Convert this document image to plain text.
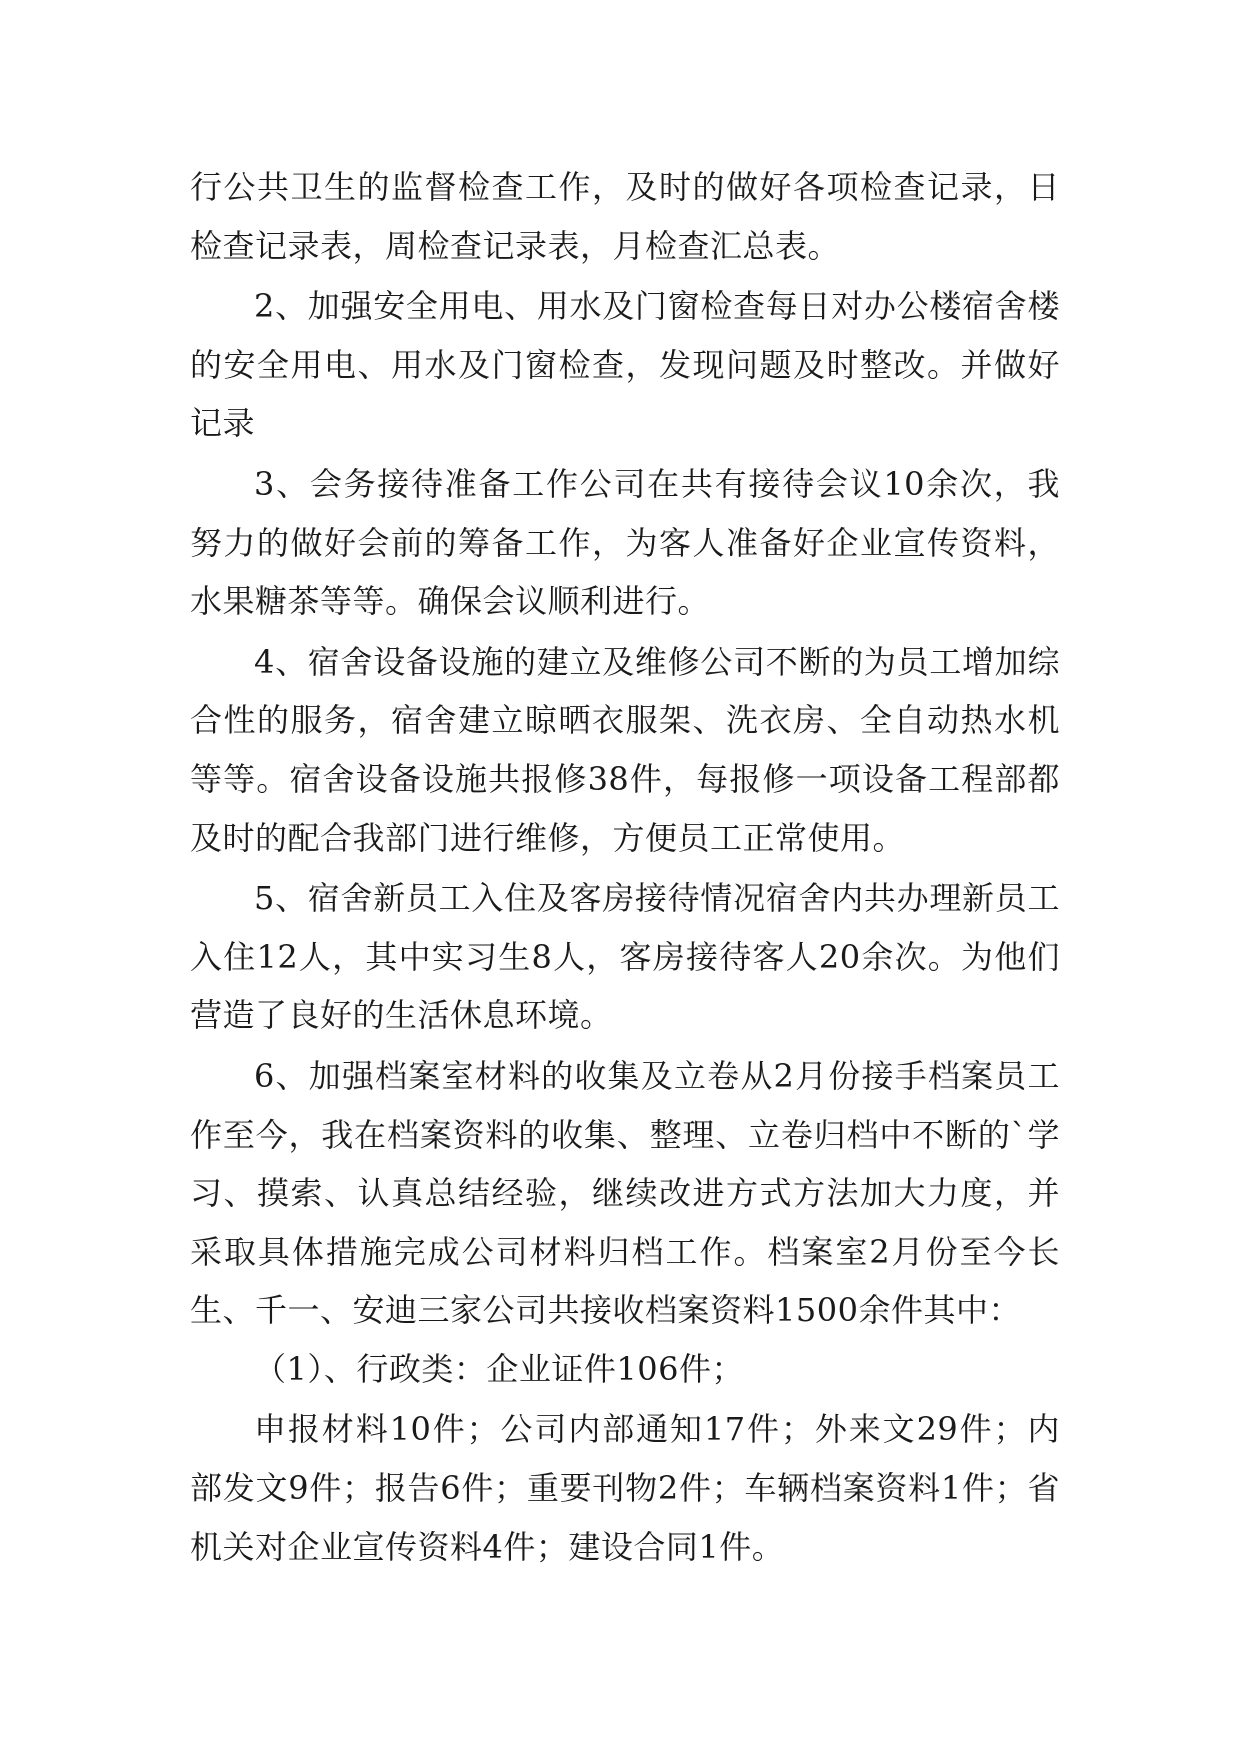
行公共卫生的监督检查工作，及时的做好各项检查记录，日检查记录表，周检查记录表，月检查汇总表。

2、加强安全用电、用水及门窗检查每日对办公楼宿舍楼的安全用电、用水及门窗检查，发现问题及时整改。并做好记录

3、会务接待准备工作公司在共有接待会议10余次，我努力的做好会前的筹备工作，为客人准备好企业宣传资料，水果糖茶等等。确保会议顺利进行。

4、宿舍设备设施的建立及维修公司不断的为员工增加综合性的服务，宿舍建立晾晒衣服架、洗衣房、全自动热水机等等。宿舍设备设施共报修38件，每报修一项设备工程部都及时的配合我部门进行维修，方便员工正常使用。

5、宿舍新员工入住及客房接待情况宿舍内共办理新员工入住12人，其中实习生8人，客房接待客人20余次。为他们营造了良好的生活休息环境。

6、加强档案室材料的收集及立卷从2月份接手档案员工作至今，我在档案资料的收集、整理、立卷归档中不断的`学习、摸索、认真总结经验，继续改进方式方法加大力度，并采取具体措施完成公司材料归档工作。档案室2月份至今长生、千一、安迪三家公司共接收档案资料1500余件其中：

（1）、行政类：企业证件106件；

申报材料10件；公司内部通知17件；外来文29件；内部发文9件；报告6件；重要刊物2件；车辆档案资料1件；省机关对企业宣传资料4件；建设合同1件。
